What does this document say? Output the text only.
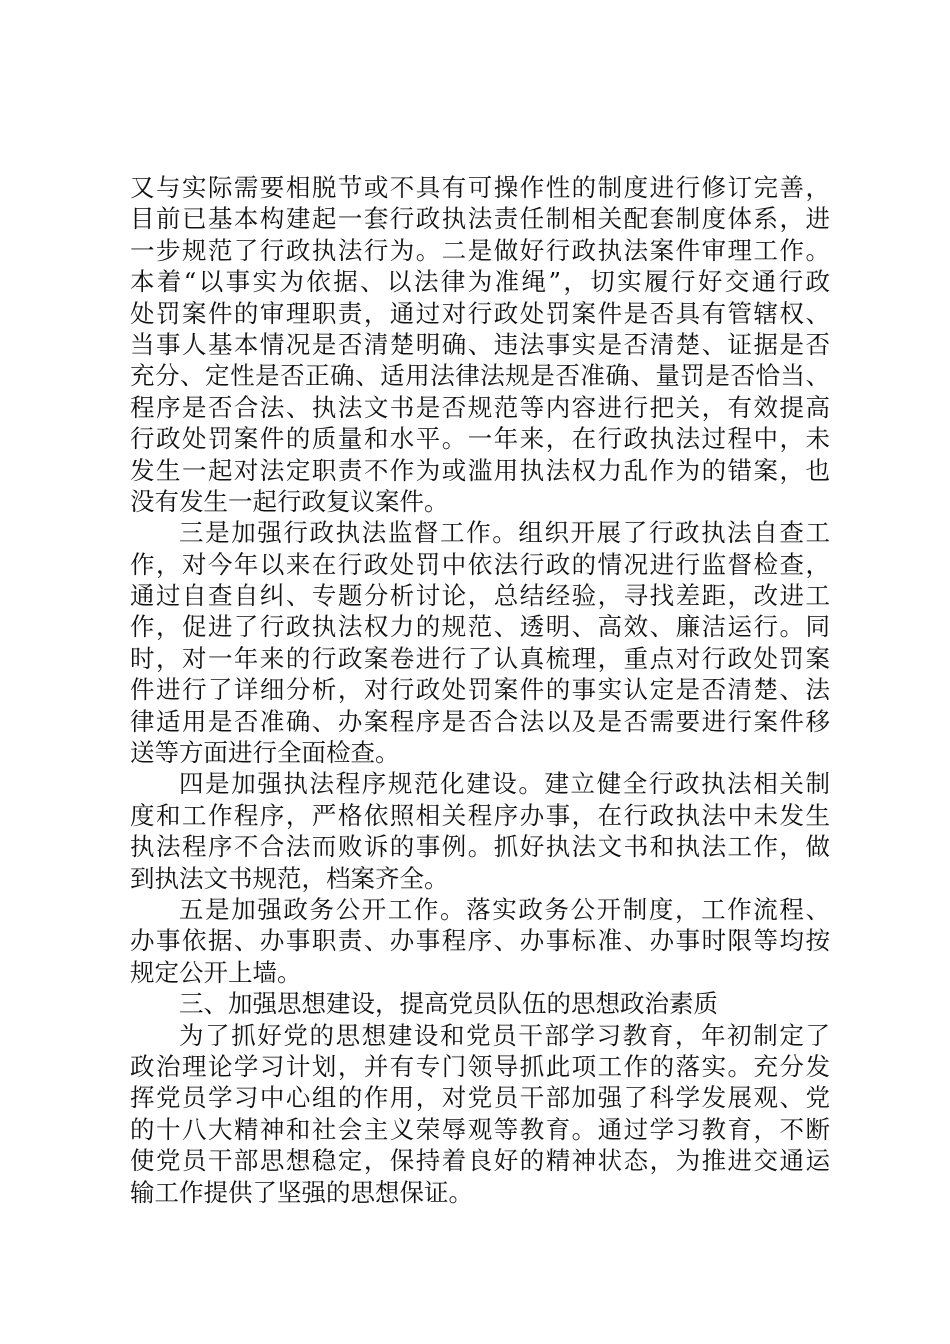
又与实际需要相脱节或不具有可操作性的制度进行修订完善，
目前已基本构建起一套行政执法责任制相关配套制度体系，进
一步规范了行政执法行为。二是做好行政执法案件审理工作。
本着“以事实为依据、以法律为准绳”，切实履行好交通行政
处罚案件的审理职责，通过对行政处罚案件是否具有管辖权、
当事人基本情况是否清楚明确、违法事实是否清楚、证据是否
充分、定性是否正确、适用法律法规是否准确、量罚是否恰当、
程序是否合法、执法文书是否规范等内容进行把关，有效提高
行政处罚案件的质量和水平。一年来，在行政执法过程中，未
发生一起对法定职责不作为或滥用执法权力乱作为的错案，也
没有发生一起行政复议案件。
三是加强行政执法监督工作。组织开展了行政执法自查工
作，对今年以来在行政处罚中依法行政的情况进行监督检查，
通过自查自纠、专题分析讨论，总结经验，寻找差距，改进工
作，促进了行政执法权力的规范、透明、高效、廉洁运行。同
时，对一年来的行政案卷进行了认真梳理，重点对行政处罚案
件进行了详细分析，对行政处罚案件的事实认定是否清楚、法
律适用是否准确、办案程序是否合法以及是否需要进行案件移
送等方面进行全面检查。
四是加强执法程序规范化建设。建立健全行政执法相关制
度和工作程序，严格依照相关程序办事，在行政执法中未发生
执法程序不合法而败诉的事例。抓好执法文书和执法工作，做
到执法文书规范，档案齐全。
五是加强政务公开工作。落实政务公开制度，工作流程、
办事依据、办事职责、办事程序、办事标准、办事时限等均按
规定公开上墙。
三、加强思想建设，提高党员队伍的思想政治素质
为了抓好党的思想建设和党员干部学习教育，年初制定了
政治理论学习计划，并有专门领导抓此项工作的落实。充分发
挥党员学习中心组的作用，对党员干部加强了科学发展观、党
的十八大精神和社会主义荣辱观等教育。通过学习教育，不断
使党员干部思想稳定，保持着良好的精神状态，为推进交通运
输工作提供了坚强的思想保证。
